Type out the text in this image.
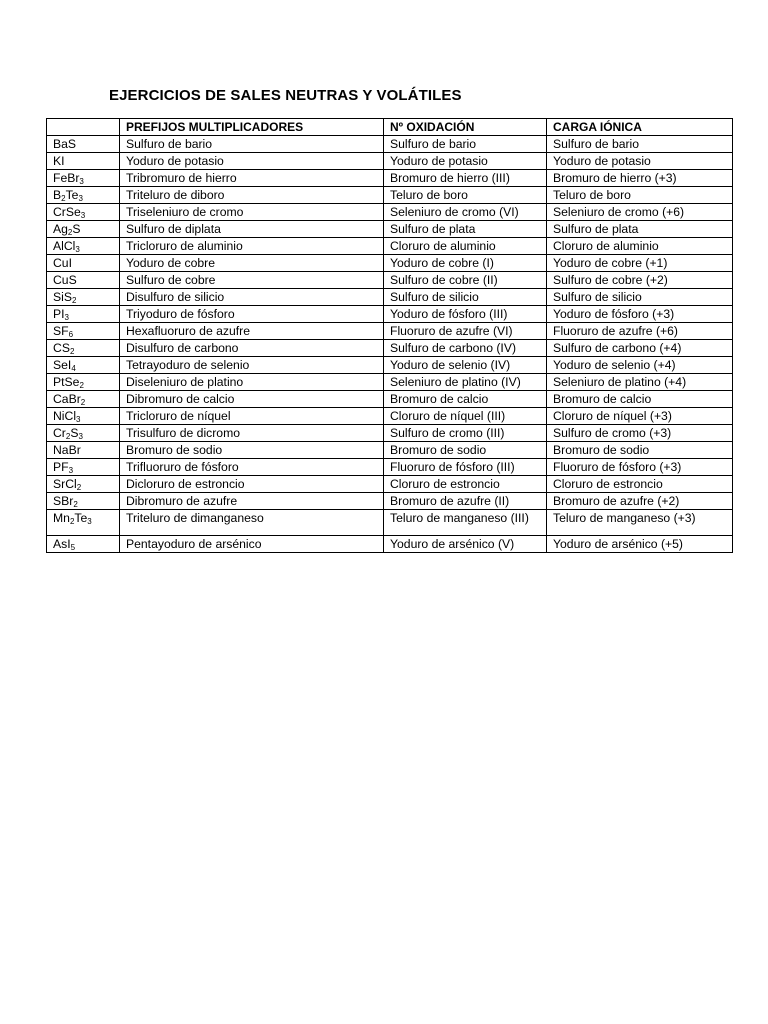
EJERCICIOS DE SALES NEUTRAS Y VOLÁTILES
	PREFIJOS MULTIPLICADORES	Nº OXIDACIÓN	CARGA IÓNICA
BaS	Sulfuro de bario	Sulfuro de bario	Sulfuro de bario
KI	Yoduro de potasio	Yoduro de potasio	Yoduro de potasio
FeBr$_3$	Tribromuro de hierro	Bromuro de hierro (III)	Bromuro de hierro (+3)
$B_2Te_3$	Triteluro de diboro	Teluro de boro	Teluro de boro
CrSe$_3$	Triseleniuro de cromo	Seleniuro de cromo (VI)	Seleniuro de cromo (+6)
$Ag_2S$	Sulfuro de diplata	Sulfuro de plata	Sulfuro de plata
AlCl$_3$	Tricloruro de aluminio	Cloruro de aluminio	Cloruro de aluminio
CuI	Yoduro de cobre	Yoduro de cobre (I)	Yoduro de cobre (+1)
CuS	Sulfuro de cobre	Sulfuro de cobre (II)	Sulfuro de cobre (+2)
SiS$_2$	Disulfuro de silicio	Sulfuro de silicio	Sulfuro de silicio
$PI_3$	Triyoduro de fósforo	Yoduro de fósforo (III)	Yoduro de fósforo (+3)
$SF_6$	Hexafluoruro de azufre	Fluoruro de azufre (VI)	Fluoruro de azufre (+6)
$CS_2$	Disulfuro de carbono	Sulfuro de carbono (IV)	Sulfuro de carbono (+4)
SeI$_4$	Tetrayoduro de selenio	Yoduro de selenio (IV)	Yoduro de selenio (+4)
PtSe$_2$	Diseleniuro de platino	Seleniuro de platino (IV)	Seleniuro de platino (+4)
CaBr$_2$	Dibromuro de calcio	Bromuro de calcio	Bromuro de calcio
NiCl$_3$	Tricloruro de níquel	Cloruro de níquel (III)	Cloruro de níquel (+3)
$Cr_2S_3$	Trisulfuro de dicromo	Sulfuro de cromo (III)	Sulfuro de cromo (+3)
NaBr	Bromuro de sodio	Bromuro de sodio	Bromuro de sodio
$PF_3$	Trifluoruro de fósforo	Fluoruro de fósforo (III)	Fluoruro de fósforo (+3)
SrCl$_2$	Dicloruro de estroncio	Cloruro de estroncio	Cloruro de estroncio
SBr$_2$	Dibromuro de azufre	Bromuro de azufre (II)	Bromuro de azufre (+2)
$Mn_2Te_3$	Triteluro de dimanganeso	Teluro de manganeso (III)	Teluro de manganeso (+3)
AsI$_5$	Pentayoduro de arsénico	Yoduro de arsénico (V)	Yoduro de arsénico (+5)
